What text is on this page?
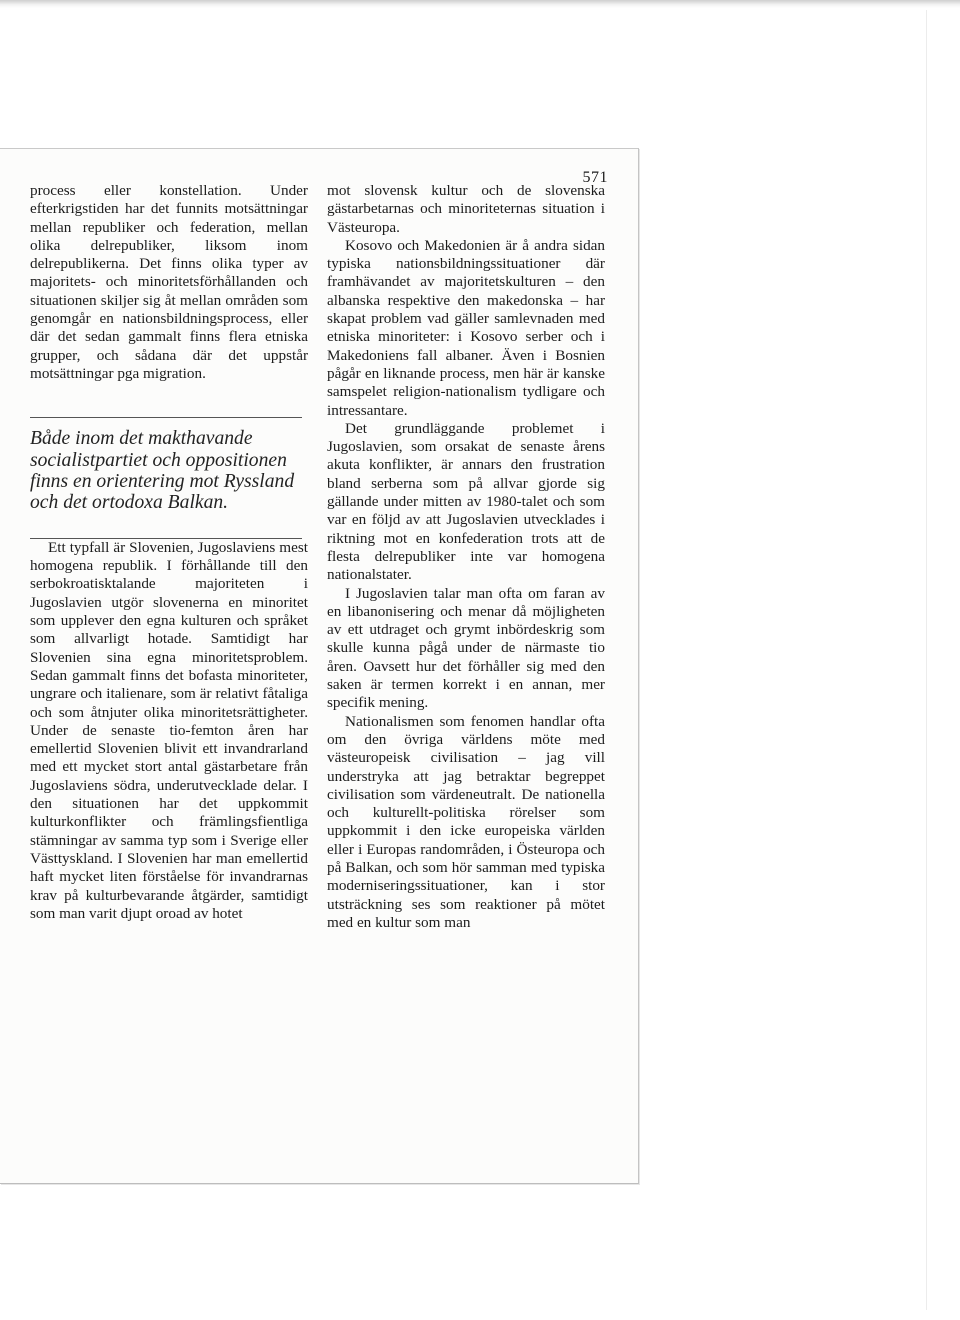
571

process eller konstellation. Under efterkrigstiden har det funnits motsättningar mellan republiker och federation, mellan olika delrepubliker, liksom inom delrepublikerna. Det finns olika typer av majoritets- och minoritetsförhållanden och situationen skiljer sig åt mellan områden som genomgår en nationsbildningsprocess, eller där det sedan gammalt finns flera etniska grupper, och sådana där det uppstår motsättningar pga migration.

Både inom det makthavande socialistpartiet och oppositionen finns en orientering mot Ryssland och det ortodoxa Balkan.

Ett typfall är Slovenien, Jugoslaviens mest homogena republik. I förhållande till den serbokroatisktalande majoriteten i Jugoslavien utgör slovenerna en minoritet som upplever den egna kulturen och språket som allvarligt hotade. Samtidigt har Slovenien sina egna minoritetsproblem. Sedan gammalt finns det bofasta minoriteter, ungrare och italienare, som är relativt fåtaliga och som åtnjuter olika minoritetsrättigheter. Under de senaste tio-femton åren har emellertid Slovenien blivit ett invandrarland med ett mycket stort antal gästarbetare från Jugoslaviens södra, underutvecklade delar. I den situationen har det uppkommit kulturkonflikter och främlingsfientliga stämningar av samma typ som i Sverige eller Västtyskland. I Slovenien har man emellertid haft mycket liten förståelse för invandrarnas krav på kulturbevarande åtgärder, samtidigt som man varit djupt oroad av hotet

mot slovensk kultur och de slovenska gästarbetarnas och minoriteternas situation i Västeuropa.

Kosovo och Makedonien är å andra sidan typiska nationsbildningssituationer där framhävandet av majoritetskulturen – den albanska respektive den makedonska – har skapat problem vad gäller samlevnaden med etniska minoriteter: i Kosovo serber och i Makedoniens fall albaner. Även i Bosnien pågår en liknande process, men här är kanske samspelet religion-nationalism tydligare och intressantare.

Det grundläggande problemet i Jugoslavien, som orsakat de senaste årens akuta konflikter, är annars den frustration bland serberna som på allvar gjorde sig gällande under mitten av 1980-talet och som var en följd av att Jugoslavien utvecklades i riktning mot en konfederation trots att de flesta delrepubliker inte var homogena nationalstater.

I Jugoslavien talar man ofta om faran av en libanonisering och menar då möjligheten av ett utdraget och grymt inbördeskrig som skulle kunna pågå under de närmaste tio åren. Oavsett hur det förhåller sig med den saken är termen korrekt i en annan, mer specifik mening.

Nationalismen som fenomen handlar ofta om den övriga världens möte med västeuropeisk civilisation – jag vill understryka att jag betraktar begreppet civilisation som värdeneutralt. De nationella och kulturellt-politiska rörelser som uppkommit i den icke europeiska världen eller i Europas randområden, i Östeuropa och på Balkan, och som hör samman med typiska moderniseringssituationer, kan i stor utsträckning ses som reaktioner på mötet med en kultur som man
